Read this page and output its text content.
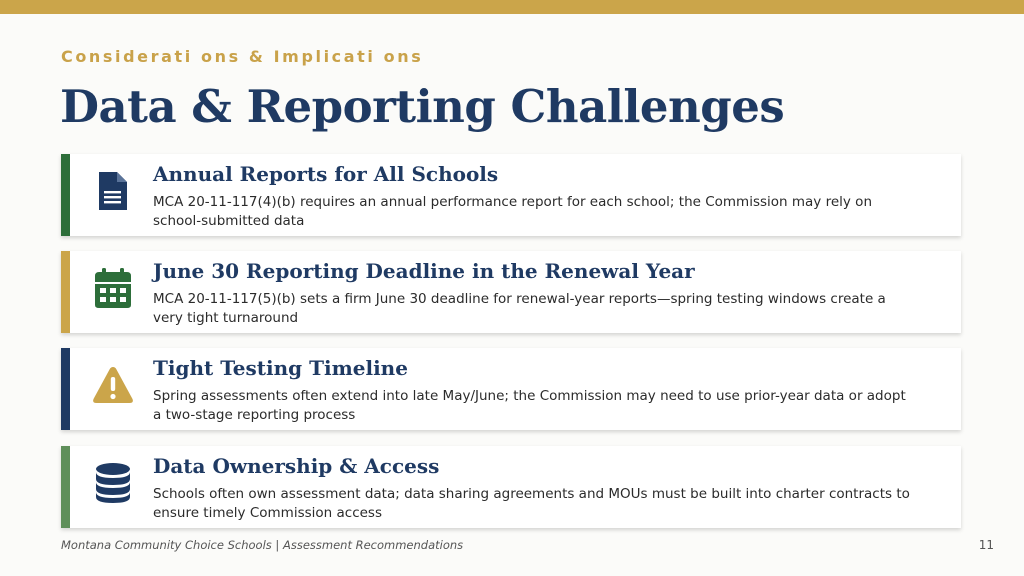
Considerati ons & Implicati ons
Data & Reporting Challenges
Annual Reports for All Schools
MCA 20-11-117(4)(b) requires an annual performance report for each school; the Commission may rely on school-submitted data
June 30 Reporting Deadline in the Renewal Year
MCA 20-11-117(5)(b) sets a firm June 30 deadline for renewal-year reports—spring testing windows create a very tight turnaround
Tight Testing Timeline
Spring assessments often extend into late May/June; the Commission may need to use prior-year data or adopt a two-stage reporting process
Data Ownership & Access
Schools often own assessment data; data sharing agreements and MOUs must be built into charter contracts to ensure timely Commission access
Montana Community Choice Schools | Assessment Recommendations	11
